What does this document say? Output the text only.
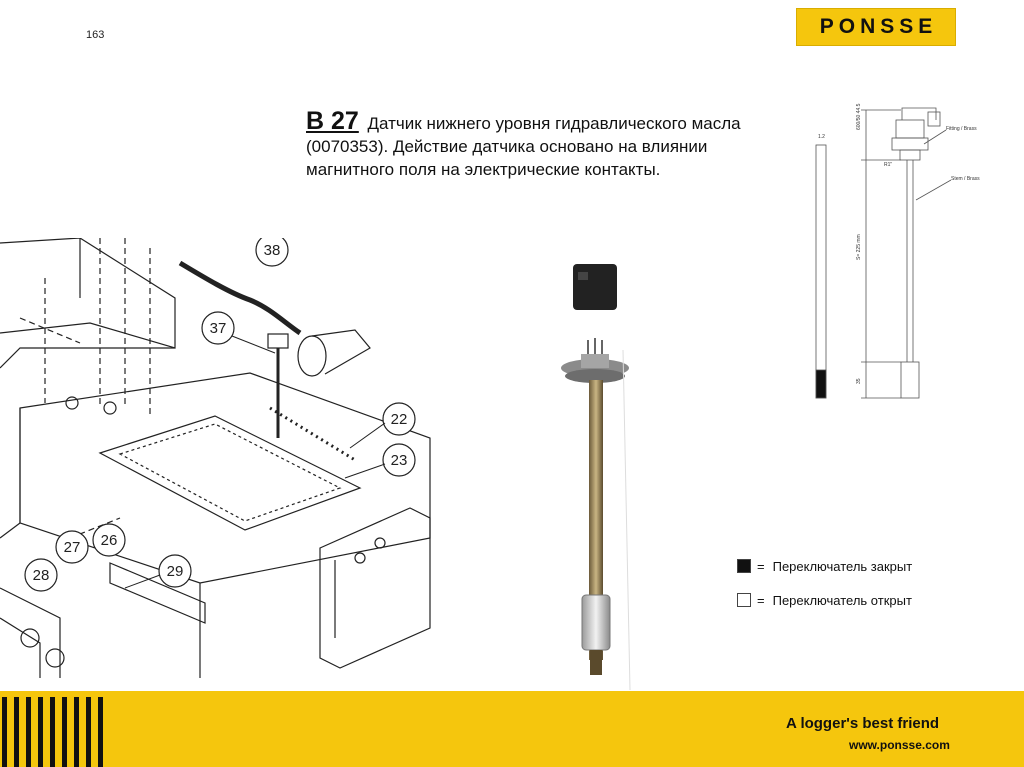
163	PONSSE
B 27 Датчик нижнего уровня гидравлического масла (0070353). Действие датчика основано на влиянии магнитного поля на электрические контакты.
38
37
22
23
26
27
28	29
1.2
600/50 44.5	Fitting / Brass
R1"
Stem / Brass
S= 225 mm
35
= Переключатель закрыт
= Переключатель открыт
A logger's best friend
www.ponsse.com
